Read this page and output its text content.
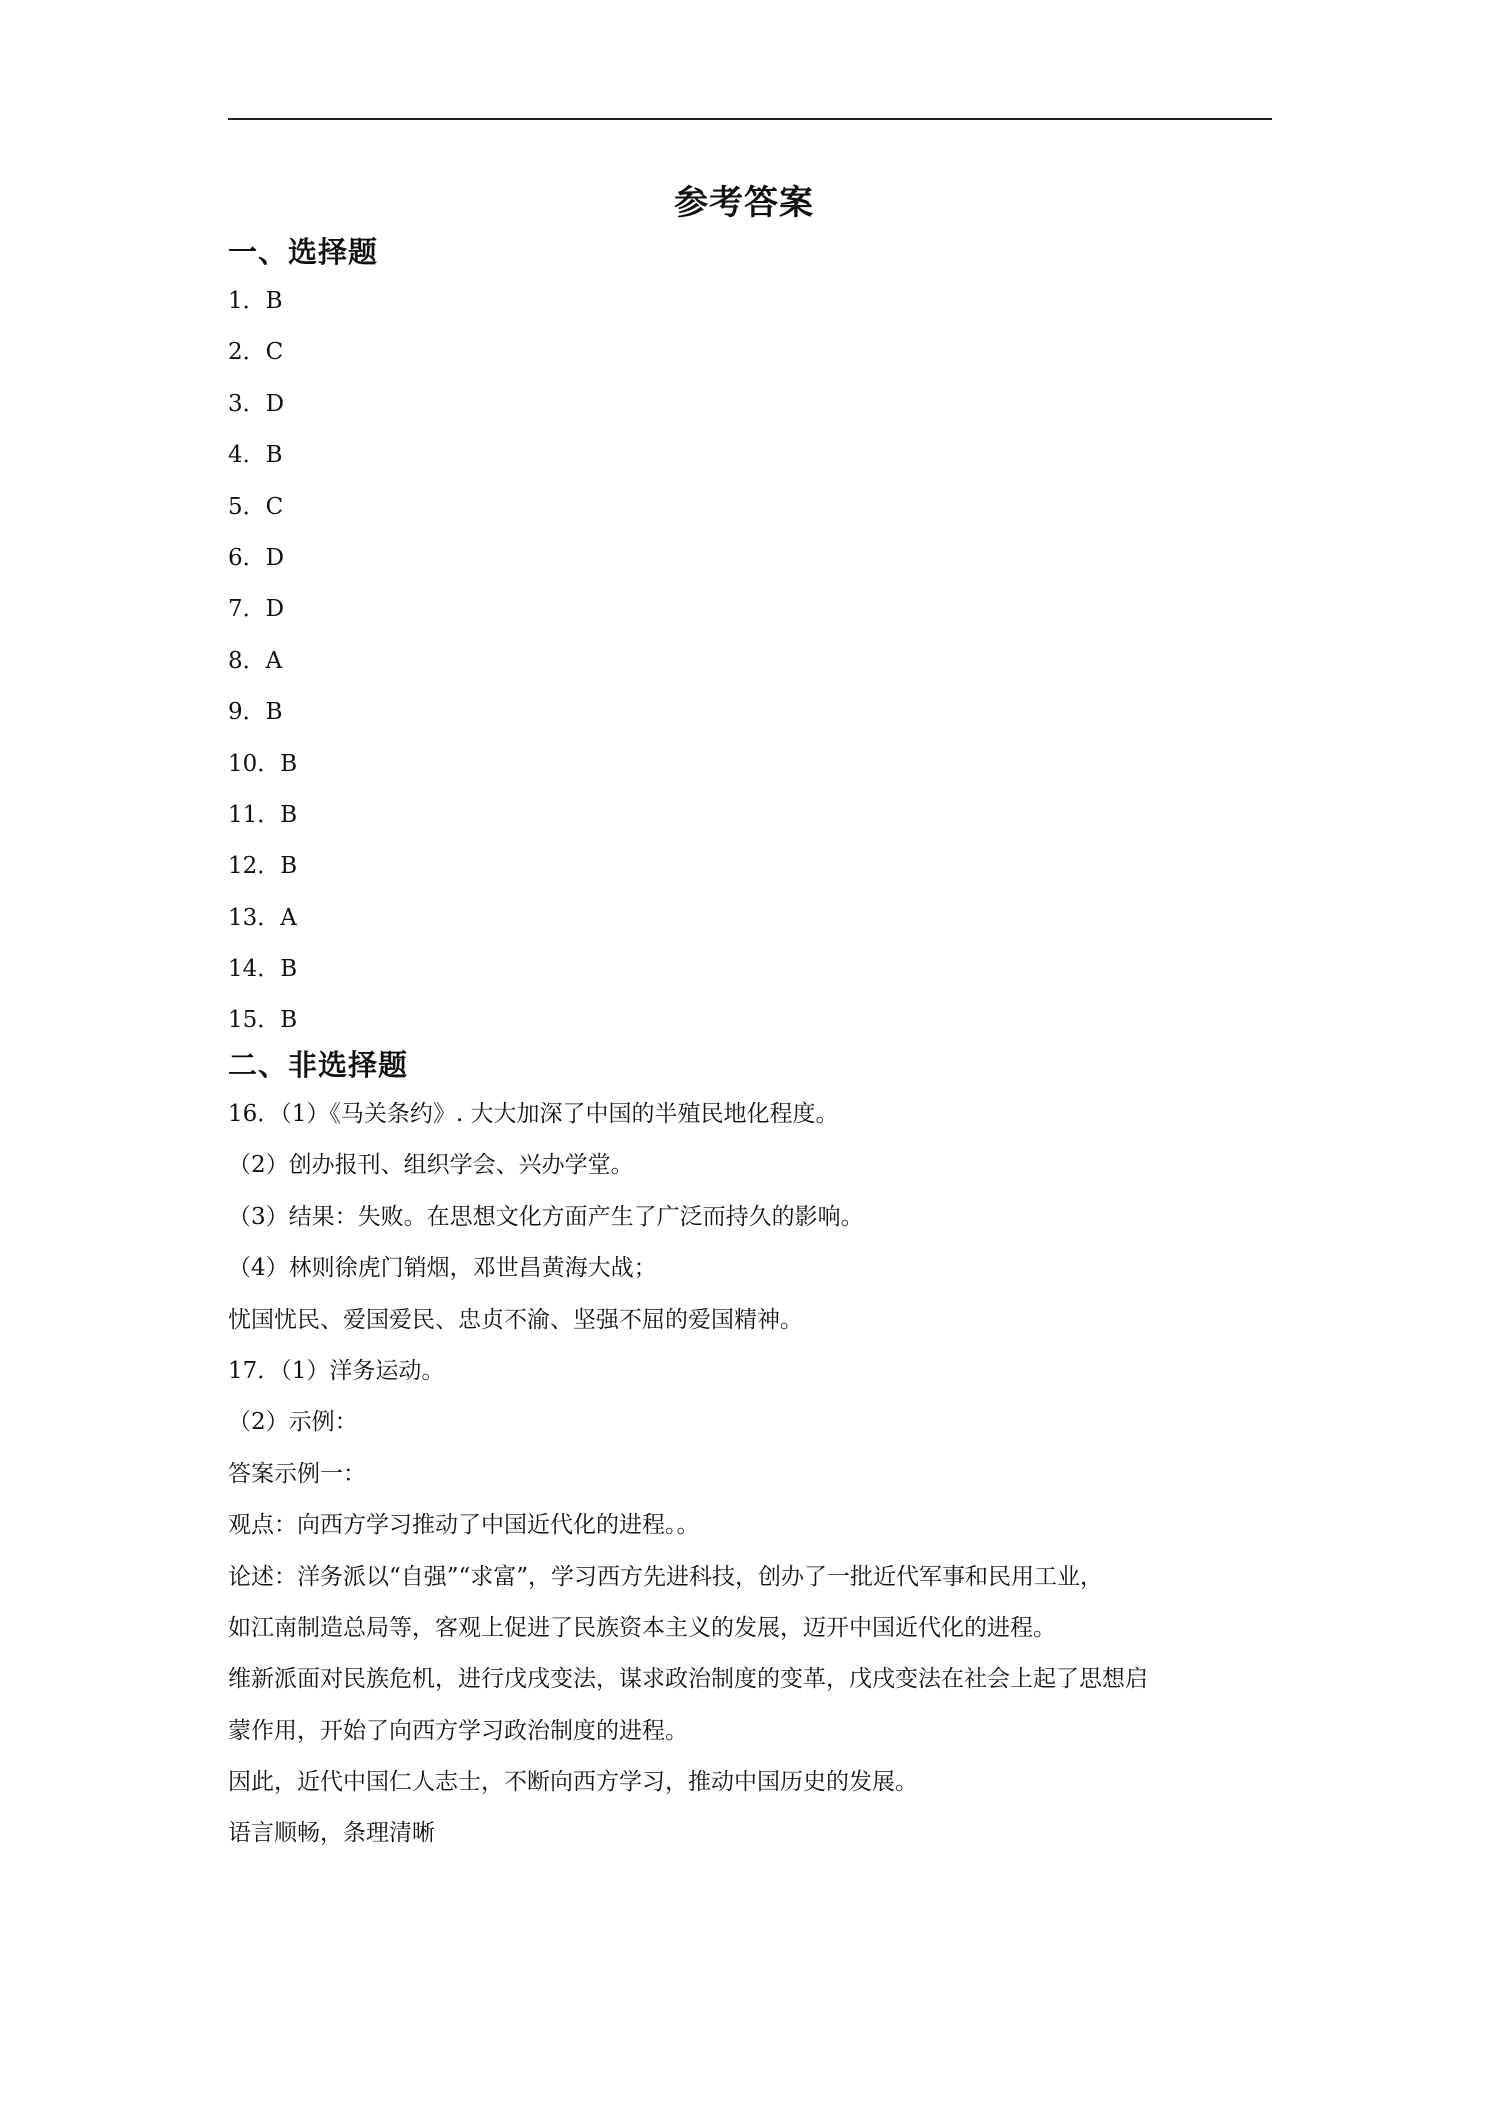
参考答案
一、选择题
1．B
2．C
3．D
4．B
5．C
6．D
7．D
8．A
9．B
10．B
11．B
12．B
13．A
14．B
15．B
二、非选择题
16．（1）《马关条约》. 大大加深了中国的半殖民地化程度。
（2）创办报刊、组织学会、兴办学堂。
（3）结果：失败。在思想文化方面产生了广泛而持久的影响。
（4）林则徐虎门销烟，邓世昌黄海大战；
忧国忧民、爱国爱民、忠贞不渝、坚强不屈的爱国精神。
17．（1）洋务运动。
（2）示例：
答案示例一：
观点：向西方学习推动了中国近代化的进程。。
论述：洋务派以“自强”“求富”，学习西方先进科技，创办了一批近代军事和民用工业，
如江南制造总局等，客观上促进了民族资本主义的发展，迈开中国近代化的进程。
维新派面对民族危机，进行戊戌变法，谋求政治制度的变革，戊戌变法在社会上起了思想启
蒙作用，开始了向西方学习政治制度的进程。
因此，近代中国仁人志士，不断向西方学习，推动中国历史的发展。
语言顺畅，条理清晰
